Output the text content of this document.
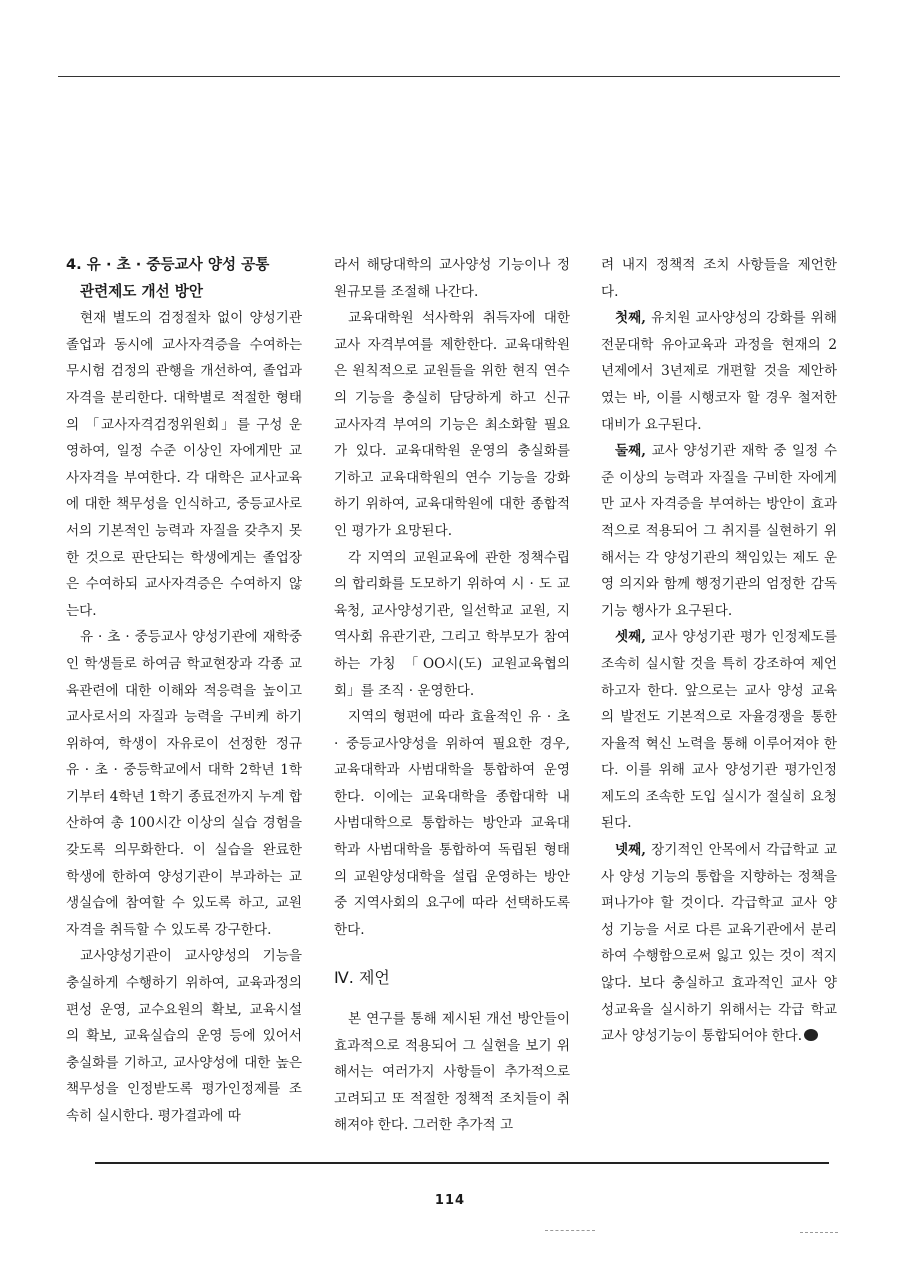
4. 유 · 초 · 중등교사 양성 공통
관련제도 개선 방안

현재 별도의 검정절차 없이 양성기관 졸업과 동시에 교사자격증을 수여하는 무시험 검정의 관행을 개선하여, 졸업과 자격을 분리한다. 대학별로 적절한 형태의 「교사자격검정위원회」를 구성 운영하여, 일정 수준 이상인 자에게만 교사자격을 부여한다. 각 대학은 교사교육에 대한 책무성을 인식하고, 중등교사로서의 기본적인 능력과 자질을 갖추지 못한 것으로 판단되는 학생에게는 졸업장은 수여하되 교사자격증은 수여하지 않는다.

유 · 초 · 중등교사 양성기관에 재학중인 학생들로 하여금 학교현장과 각종 교육관련에 대한 이해와 적응력을 높이고 교사로서의 자질과 능력을 구비케 하기 위하여, 학생이 자유로이 선정한 정규 유 · 초 · 중등학교에서 대학 2학년 1학기부터 4학년 1학기 종료전까지 누계 합산하여 총 100시간 이상의 실습 경험을 갖도록 의무화한다. 이 실습을 완료한 학생에 한하여 양성기관이 부과하는 교생실습에 참여할 수 있도록 하고, 교원자격을 취득할 수 있도록 강구한다.

교사양성기관이 교사양성의 기능을 충실하게 수행하기 위하여, 교육과정의 편성 운영, 교수요원의 확보, 교육시설의 확보, 교육실습의 운영 등에 있어서 충실화를 기하고, 교사양성에 대한 높은 책무성을 인정받도록 평가인정제를 조속히 실시한다. 평가결과에 따

라서 해당대학의 교사양성 기능이나 정원규모를 조절해 나간다.

교육대학원 석사학위 취득자에 대한 교사 자격부여를 제한한다. 교육대학원은 원칙적으로 교원들을 위한 현직 연수의 기능을 충실히 담당하게 하고 신규 교사자격 부여의 기능은 최소화할 필요가 있다. 교육대학원 운영의 충실화를 기하고 교육대학원의 연수 기능을 강화하기 위하여, 교육대학원에 대한 종합적인 평가가 요망된다.

각 지역의 교원교육에 관한 정책수립의 합리화를 도모하기 위하여 시 · 도 교육청, 교사양성기관, 일선학교 교원, 지역사회 유관기관, 그리고 학부모가 참여하는 가칭 「OO시(도) 교원교육협의회」를 조직 · 운영한다.

지역의 형편에 따라 효율적인 유 · 초 · 중등교사양성을 위하여 필요한 경우, 교육대학과 사범대학을 통합하여 운영한다. 이에는 교육대학을 종합대학 내 사범대학으로 통합하는 방안과 교육대학과 사범대학을 통합하여 독립된 형태의 교원양성대학을 설립 운영하는 방안 중 지역사회의 요구에 따라 선택하도록 한다.

Ⅳ. 제언

본 연구를 통해 제시된 개선 방안들이 효과적으로 적용되어 그 실현을 보기 위해서는 여러가지 사항들이 추가적으로 고려되고 또 적절한 정책적 조치들이 취해져야 한다. 그러한 추가적 고

려 내지 정책적 조치 사항들을 제언한다.

첫째, 유치원 교사양성의 강화를 위해 전문대학 유아교육과 과정을 현재의 2년제에서 3년제로 개편할 것을 제안하였는 바, 이를 시행코자 할 경우 철저한 대비가 요구된다.

둘째, 교사 양성기관 재학 중 일정 수준 이상의 능력과 자질을 구비한 자에게만 교사 자격증을 부여하는 방안이 효과적으로 적용되어 그 취지를 실현하기 위해서는 각 양성기관의 책임있는 제도 운영 의지와 함께 행정기관의 엄정한 감독 기능 행사가 요구된다.

셋째, 교사 양성기관 평가 인정제도를 조속히 실시할 것을 특히 강조하여 제언하고자 한다. 앞으로는 교사 양성 교육의 발전도 기본적으로 자율경쟁을 통한 자율적 혁신 노력을 통해 이루어져야 한다. 이를 위해 교사 양성기관 평가인정제도의 조속한 도입 실시가 절실히 요청된다.

넷째, 장기적인 안목에서 각급학교 교사 양성 기능의 통합을 지향하는 정책을 펴나가야 할 것이다. 각급학교 교사 양성 기능을 서로 다른 교육기관에서 분리하여 수행함으로써 잃고 있는 것이 적지 않다. 보다 충실하고 효과적인 교사 양성교육을 실시하기 위해서는 각급 학교 교사 양성기능이 통합되어야 한다.

114
